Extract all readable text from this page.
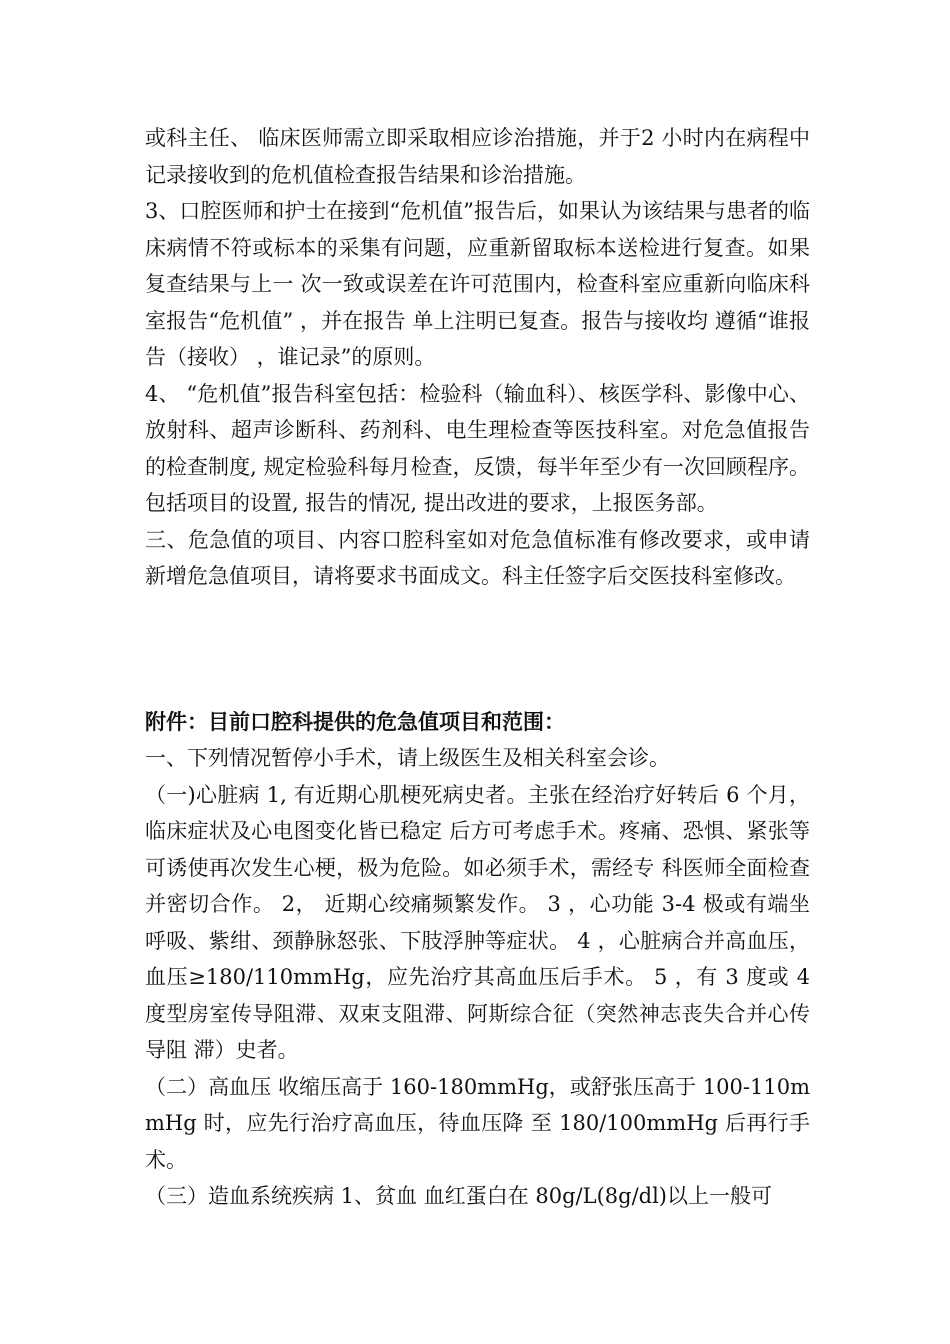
或科主任、 临床医师需立即采取相应诊治措施，并于2 小时内在病程中记录接收到的危机值检查报告结果和诊治措施。

3、口腔医师和护士在接到“危机值”报告后，如果认为该结果与患者的临床病情不符或标本的采集有问题，应重新留取标本送检进行复查。如果复查结果与上一 次一致或误差在许可范围内，检查科室应重新向临床科室报告“危机值” ，并在报告 单上注明已复查。报告与接收均 遵循“谁报告（接收） ，谁记录”的原则。

4、 “危机值”报告科室包括：检验科（输血科）、核医学科、影像中心、放射科、超声诊断科、药剂科、电生理检查等医技科室。对危急值报告的检查制度, 规定检验科每月检查，反馈，每半年至少有一次回顾程序。包括项目的设置, 报告的情况, 提出改进的要求，上报医务部。

三、危急值的项目、内容口腔科室如对危急值标准有修改要求，或申请新增危急值项目，请将要求书面成文。科主任签字后交医技科室修改。

附件：目前口腔科提供的危急值项目和范围：

一、下列情况暂停小手术，请上级医生及相关科室会诊。

（一)心脏病 1, 有近期心肌梗死病史者。主张在经治疗好转后 6 个月，临床症状及心电图变化皆已稳定 后方可考虑手术。疼痛、恐惧、紧张等可诱使再次发生心梗，极为危险。如必须手术，需经专 科医师全面检查并密切合作。 2， 近期心绞痛频繁发作。 3 ，心功能 3-4 极或有端坐呼吸、紫绀、颈静脉怒张、下肢浮肿等症状。 4 ，心脏病合并高血压，血压≥180/110mmHg，应先治疗其高血压后手术。 5 ，有 3 度或 4 度型房室传导阻滞、双束支阻滞、阿斯综合征（突然神志丧失合并心传导阻 滞）史者。

（二）高血压 收缩压高于 160-180mmHg，或舒张压高于 100-110mmHg 时，应先行治疗高血压，待血压降 至 180/100mmHg 后再行手术。

（三）造血系统疾病 1、贫血 血红蛋白在 80g/L(8g/dl)以上一般可
